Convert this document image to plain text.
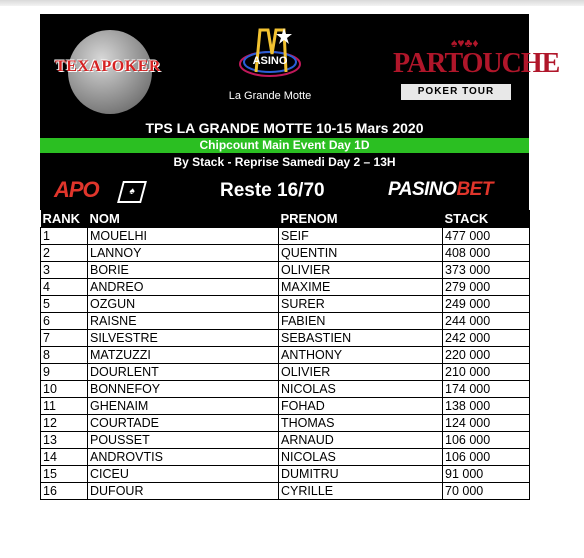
TEXAPOKER	ASINO
La Grande Motte
♠♥♣♦
PARTOUCHE
POKER TOUR
TPS LA GRANDE MOTTE 10-15 Mars 2020
Chipcount Main Event Day 1D
By Stack - Reprise Samedi Day 2 – 13H
APO	♠	Reste 16/70	PASINOBET
RANK	NOM	PRENOM	STACK
1	MOUELHI	SEIF	477 000
2	LANNOY	QUENTIN	408 000
3	BORIE	OLIVIER	373 000
4	ANDREO	MAXIME	279 000
5	OZGUN	SURER	249 000
6	RAISNE	FABIEN	244 000
7	SILVESTRE	SEBASTIEN	242 000
8	MATZUZZI	ANTHONY	220 000
9	DOURLENT	OLIVIER	210 000
10	BONNEFOY	NICOLAS	174 000
11	GHENAIM	FOHAD	138 000
12	COURTADE	THOMAS	124 000
13	POUSSET	ARNAUD	106 000
14	ANDROVTIS	NICOLAS	106 000
15	CICEU	DUMITRU	91 000
16	DUFOUR	CYRILLE	70 000
